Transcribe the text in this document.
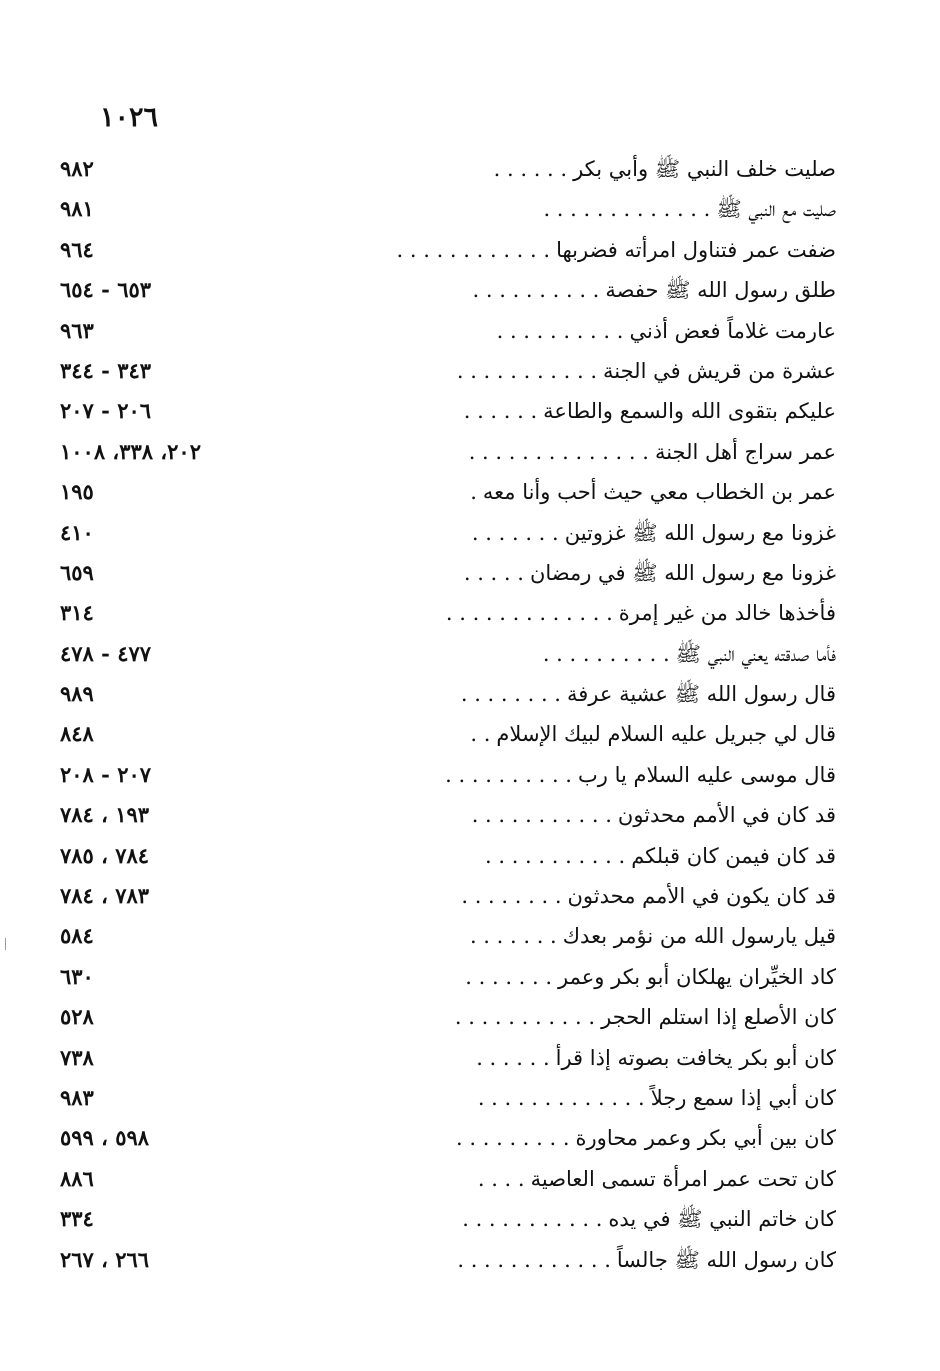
١٠٢٦
صليت خلف النبي ﷺ وأبي بكر. . . . . .
٩٨٢
صليت مع النبي ﷺ. . . . . . . . . . . . .
٩٨١
ضفت عمر فتناول امرأته فضربها. . . . . . . . . . . .
٩٦٤
طلق رسول الله ﷺ حفصة. . . . . . . . . .
٦٥٣ - ٦٥٤
عارمت غلاماً فعض أذني. . . . . . . . . .
٩٦٣
عشرة من قريش في الجنة. . . . . . . . . . .
٣٤٣ - ٣٤٤
عليكم بتقوى الله والسمع والطاعة. . . . . .
٢٠٦ - ٢٠٧
عمر سراج أهل الجنة. . . . . . . . . . . . . .
٢٠٢، ٣٣٨، ١٠٠٨
عمر بن الخطاب معي حيث أحب وأنا معه.
١٩٥
غزونا مع رسول الله ﷺ غزوتين. . . . . . .
٤١٠
غزونا مع رسول الله ﷺ في رمضان. . . . .
٦٥٩
فأخذها خالد من غير إمرة. . . . . . . . . . . . .
٣١٤
فأما صدقته يعني النبي ﷺ. . . . . . . . . .
٤٧٧ - ٤٧٨
قال رسول الله ﷺ عشية عرفة. . . . . . . .
٩٨٩
قال لي جبريل عليه السلام لبيك الإسلام. .
٨٤٨
قال موسى عليه السلام يا رب. . . . . . . . . .
٢٠٧ - ٢٠٨
قد كان في الأمم محدثون. . . . . . . . . . .
١٩٣ ، ٧٨٤
قد كان فيمن كان قبلكم. . . . . . . . . . .
٧٨٤ ، ٧٨٥
قد كان يكون في الأمم محدثون. . . . . . . .
٧٨٣ ، ٧٨٤
قيل يارسول الله من نؤمر بعدك. . . . . . .
٥٨٤
كاد الخيِّران يهلكان أبو بكر وعمر. . . . . . .
٦٣٠
كان الأصلع إذا استلم الحجر. . . . . . . . . . .
٥٢٨
كان أبو بكر يخافت بصوته إذا قرأ. . . . . .
٧٣٨
كان أبي إذا سمع رجلاً. . . . . . . . . . . . .
٩٨٣
كان بين أبي بكر وعمر محاورة. . . . . . . . .
٥٩٨ ، ٥٩٩
كان تحت عمر امرأة تسمى العاصية. . . .
٨٨٦
كان خاتم النبي ﷺ في يده. . . . . . . . . . .
٣٣٤
كان رسول الله ﷺ جالساً. . . . . . . . . . . .
٢٦٦ ، ٢٦٧
